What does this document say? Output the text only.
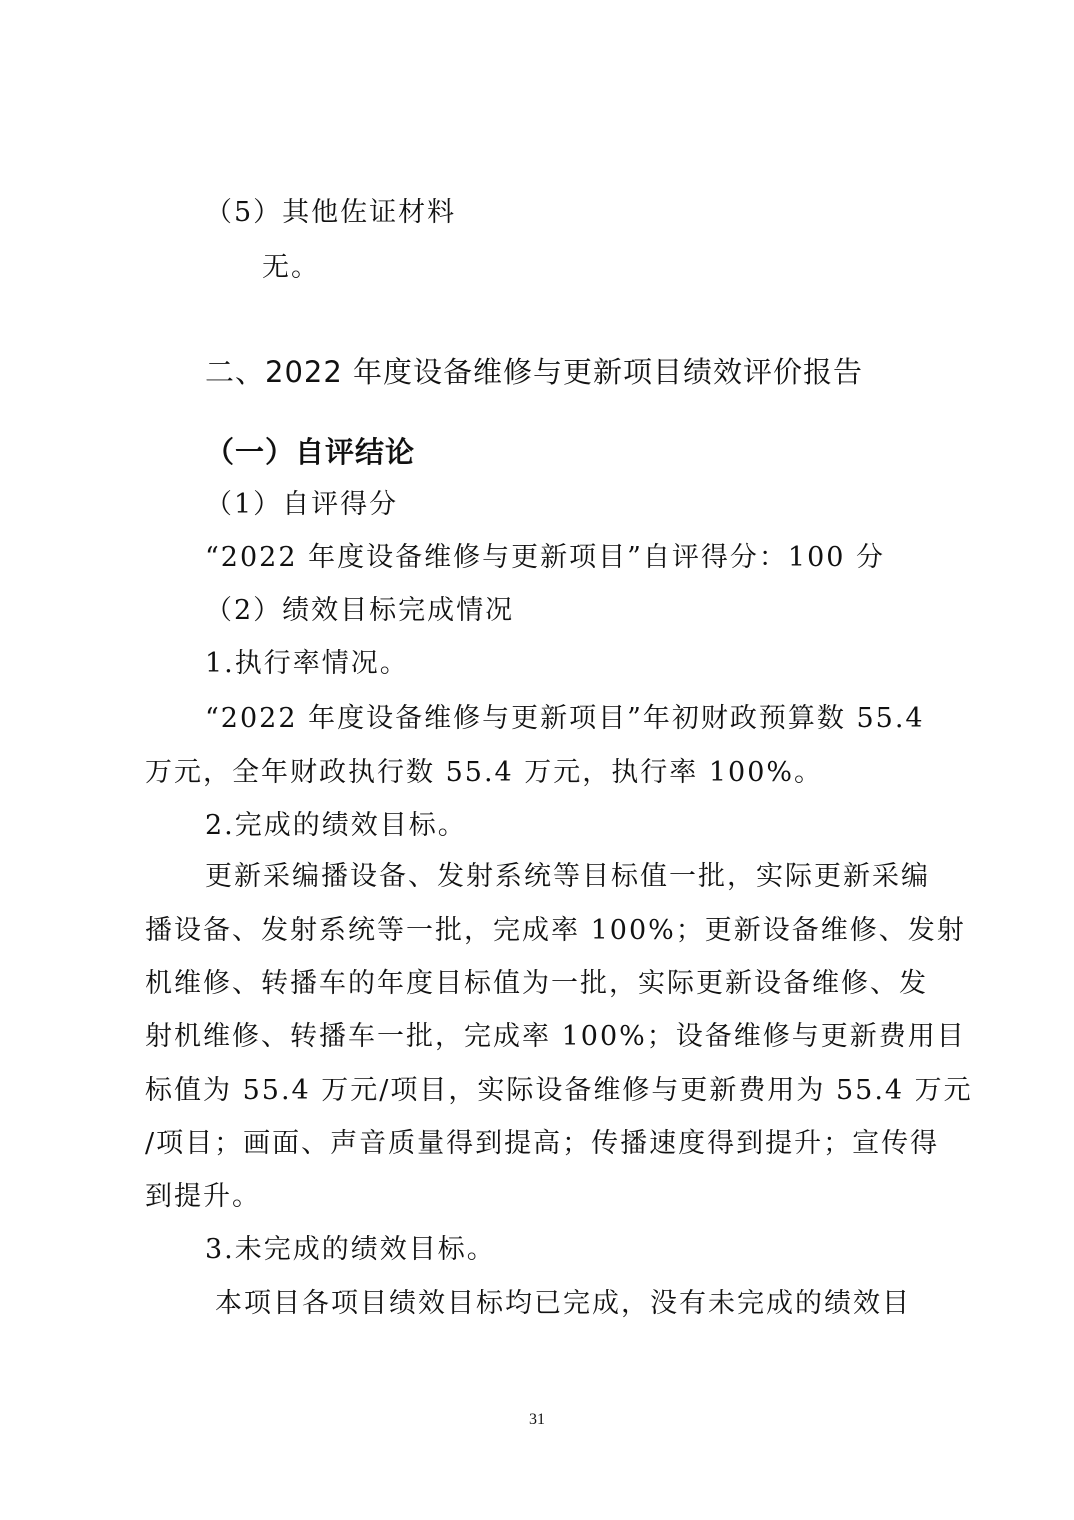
（5）其他佐证材料
无。
二、2022 年度设备维修与更新项目绩效评价报告
（一）自评结论
（1）自评得分
“2022 年度设备维修与更新项目”自评得分：100 分
（2）绩效目标完成情况
1.执行率情况。
“2022 年度设备维修与更新项目”年初财政预算数 55.4
万元，全年财政执行数 55.4 万元，执行率 100%。
2.完成的绩效目标。
更新采编播设备、发射系统等目标值一批，实际更新采编
播设备、发射系统等一批，完成率 100%；更新设备维修、发射
机维修、转播车的年度目标值为一批，实际更新设备维修、发
射机维修、转播车一批，完成率 100%；设备维修与更新费用目
标值为 55.4 万元/项目，实际设备维修与更新费用为 55.4 万元
/项目；画面、声音质量得到提高；传播速度得到提升；宣传得
到提升。
3.未完成的绩效目标。
本项目各项目绩效目标均已完成，没有未完成的绩效目
31
